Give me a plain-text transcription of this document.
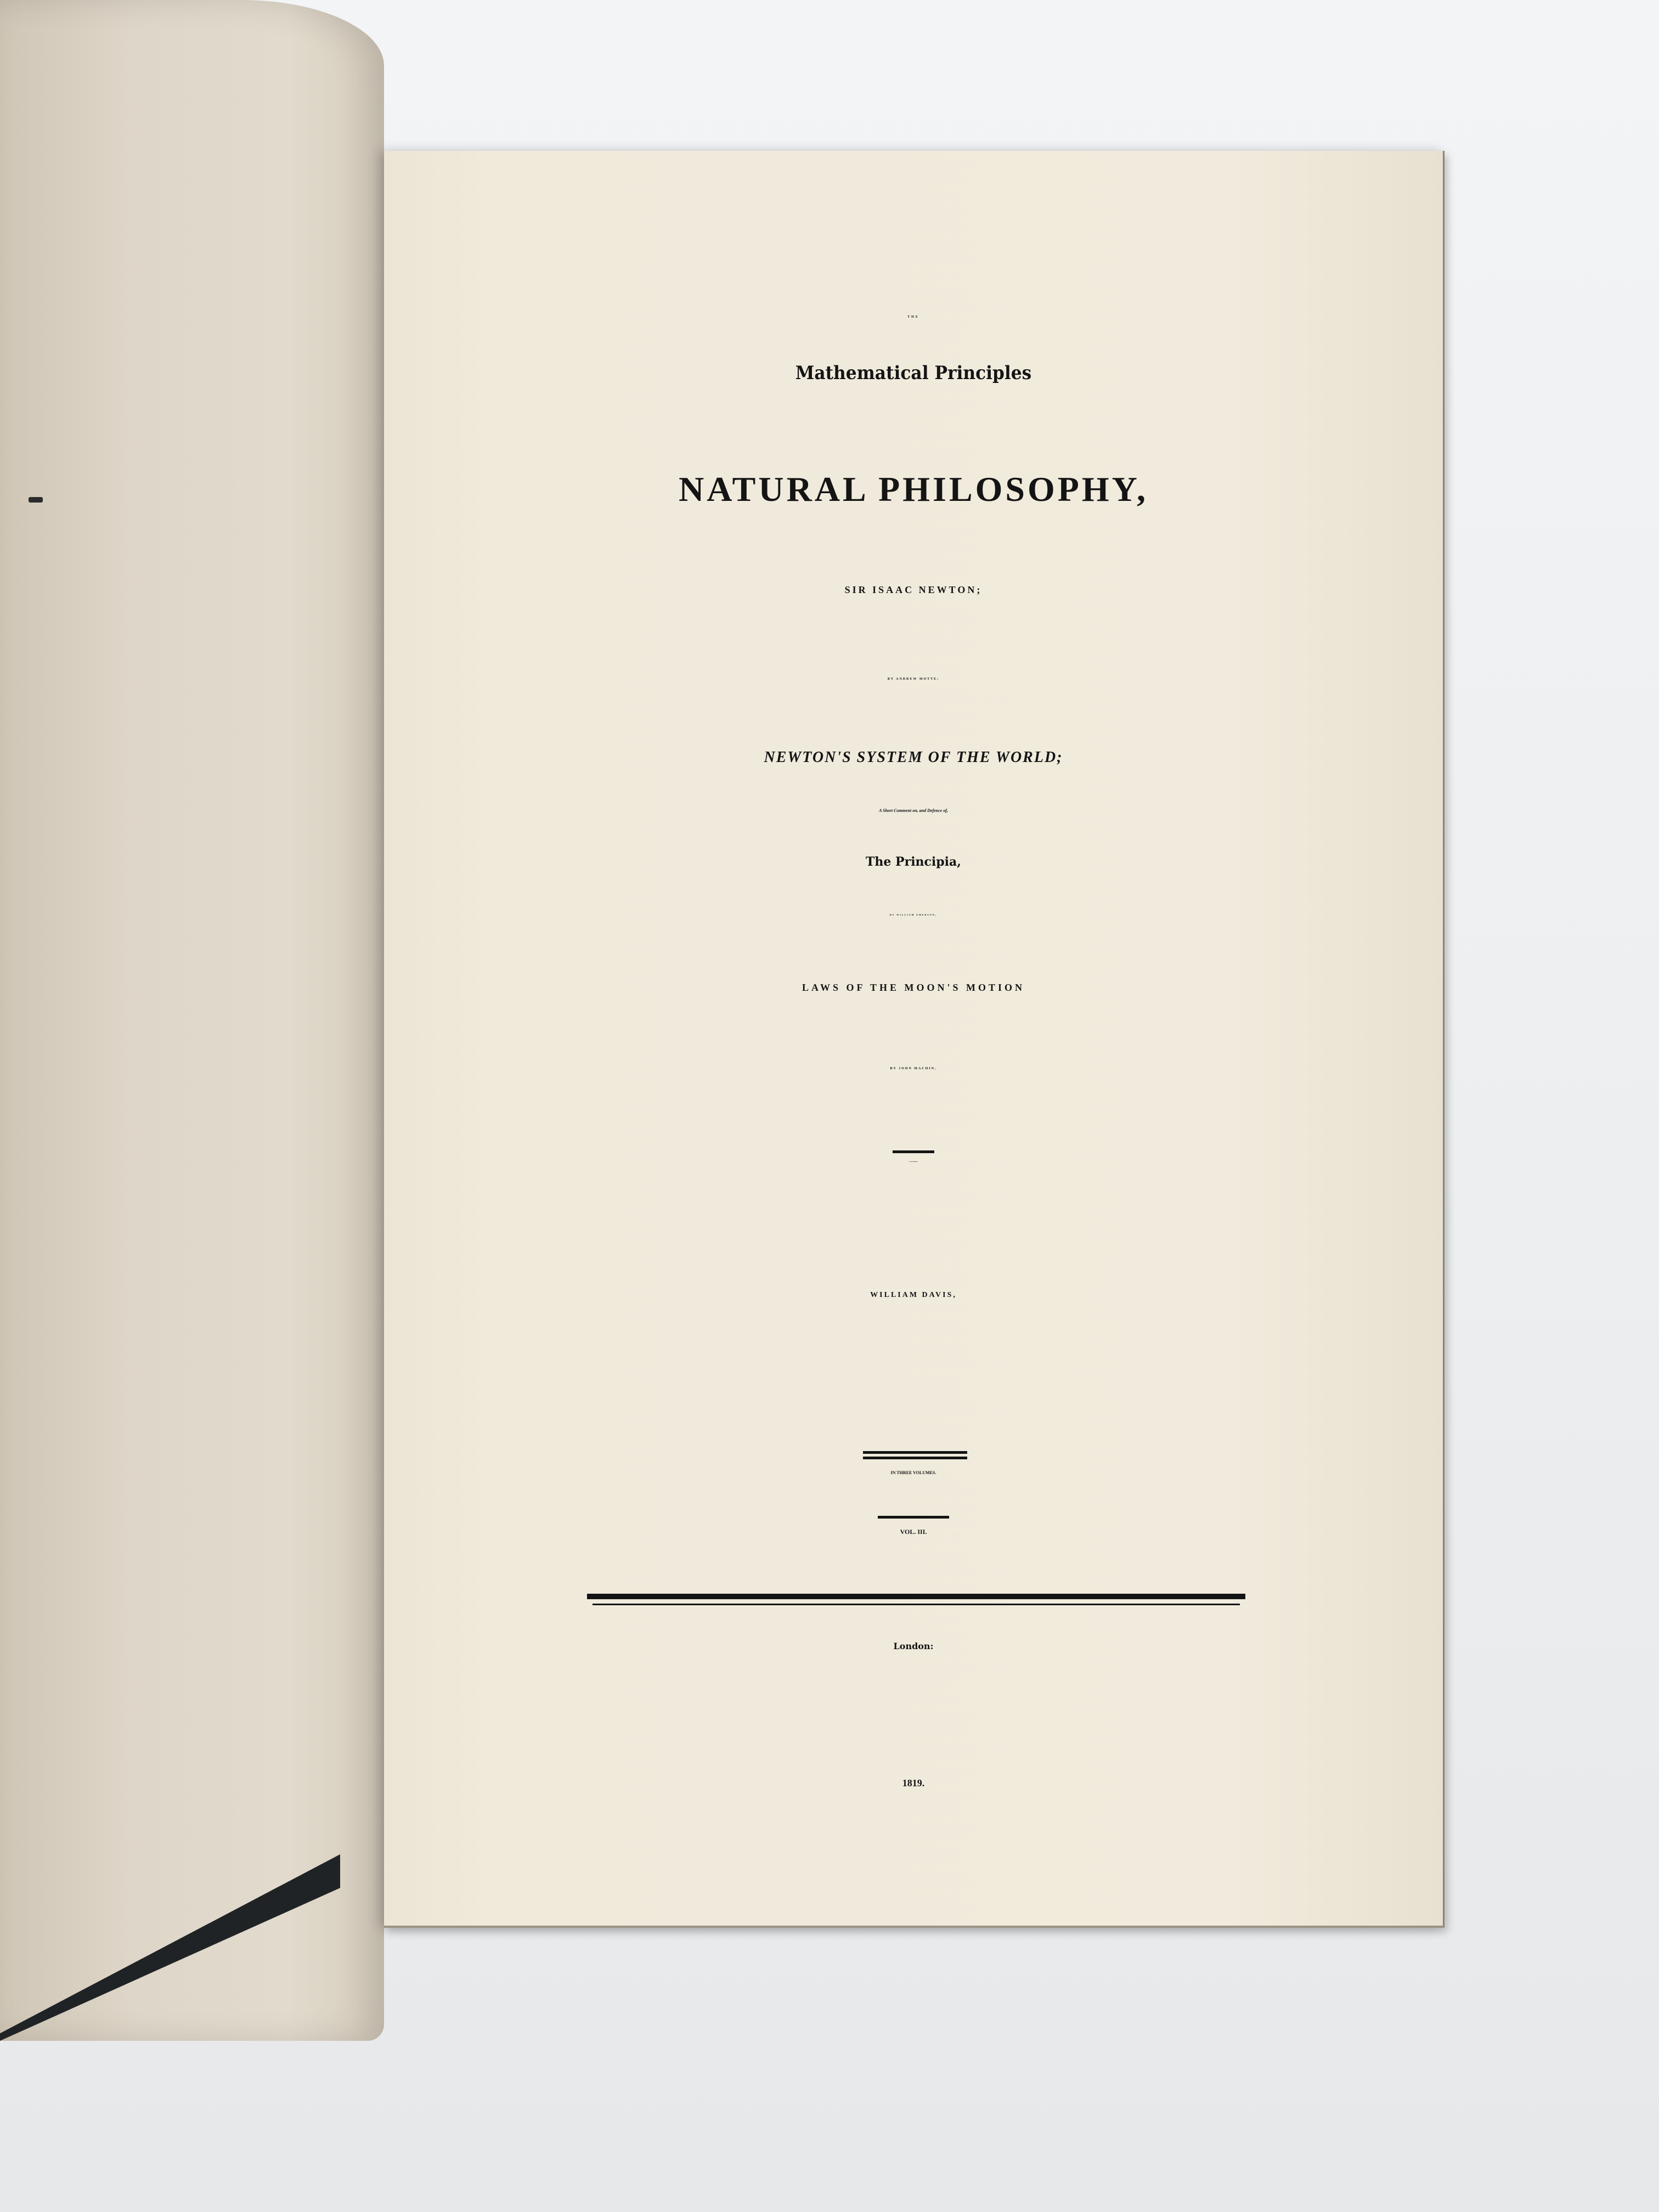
THE
Mathematical Principles
NATURAL PHILOSOPHY,
SIR ISAAC NEWTON;
BY ANDREW MOTTE:
NEWTON'S SYSTEM OF THE WORLD;
A Short Comment on, and Defence of,
The Principia,
BY WILLIAM EMERSON;
LAWS OF THE MOON'S MOTION
BY JOHN MACHIN,
A new Edition,
WILLIAM DAVIS,
IN THREE VOLUMES.
VOL. III.
London:
1819.
